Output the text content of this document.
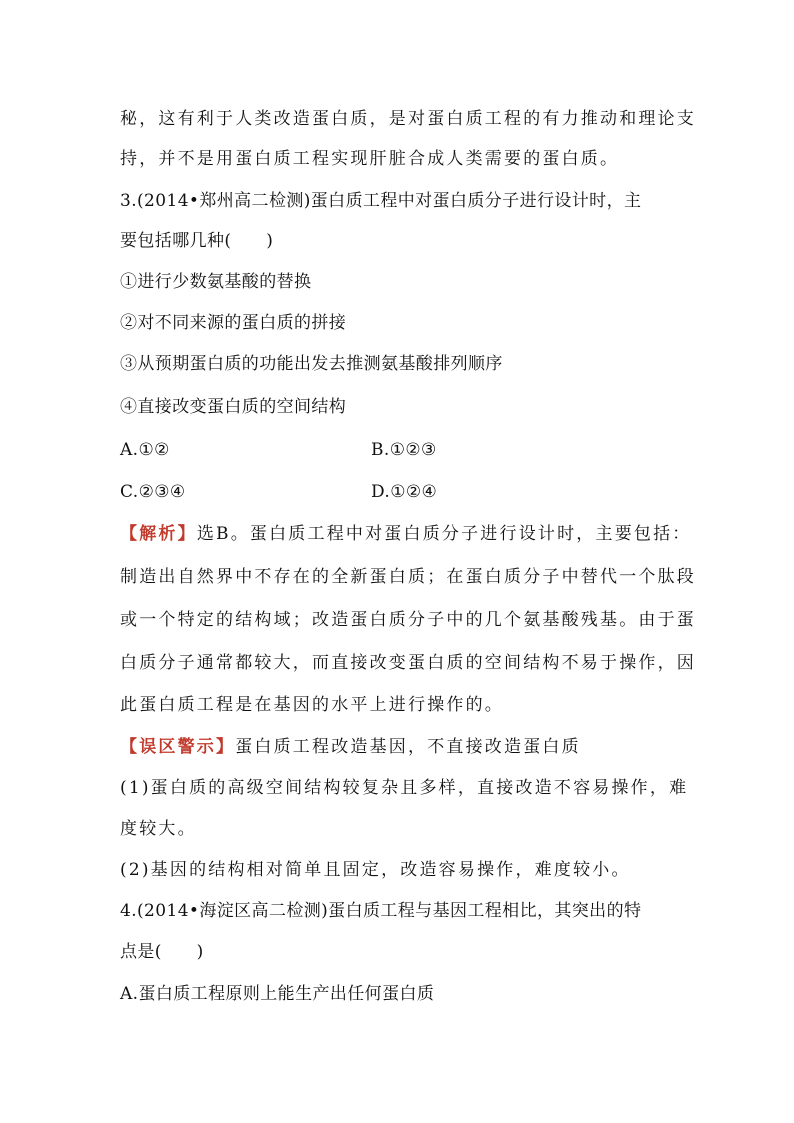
秘，这有利于人类改造蛋白质，是对蛋白质工程的有力推动和理论支
持，并不是用蛋白质工程实现肝脏合成人类需要的蛋白质。
3.(2014•郑州高二检测)蛋白质工程中对蛋白质分子进行设计时，主
要包括哪几种(　　)
①进行少数氨基酸的替换
②对不同来源的蛋白质的拼接
③从预期蛋白质的功能出发去推测氨基酸排列顺序
④直接改变蛋白质的空间结构
A.①②	B.①②③
C.②③④	D.①②④
【解析】选B。蛋白质工程中对蛋白质分子进行设计时，主要包括：
制造出自然界中不存在的全新蛋白质；在蛋白质分子中替代一个肽段
或一个特定的结构域；改造蛋白质分子中的几个氨基酸残基。由于蛋
白质分子通常都较大，而直接改变蛋白质的空间结构不易于操作，因
此蛋白质工程是在基因的水平上进行操作的。
【误区警示】蛋白质工程改造基因，不直接改造蛋白质
(1)蛋白质的高级空间结构较复杂且多样，直接改造不容易操作，难
度较大。
(2)基因的结构相对简单且固定，改造容易操作，难度较小。
4.(2014•海淀区高二检测)蛋白质工程与基因工程相比，其突出的特
点是(　　)
A.蛋白质工程原则上能生产出任何蛋白质
